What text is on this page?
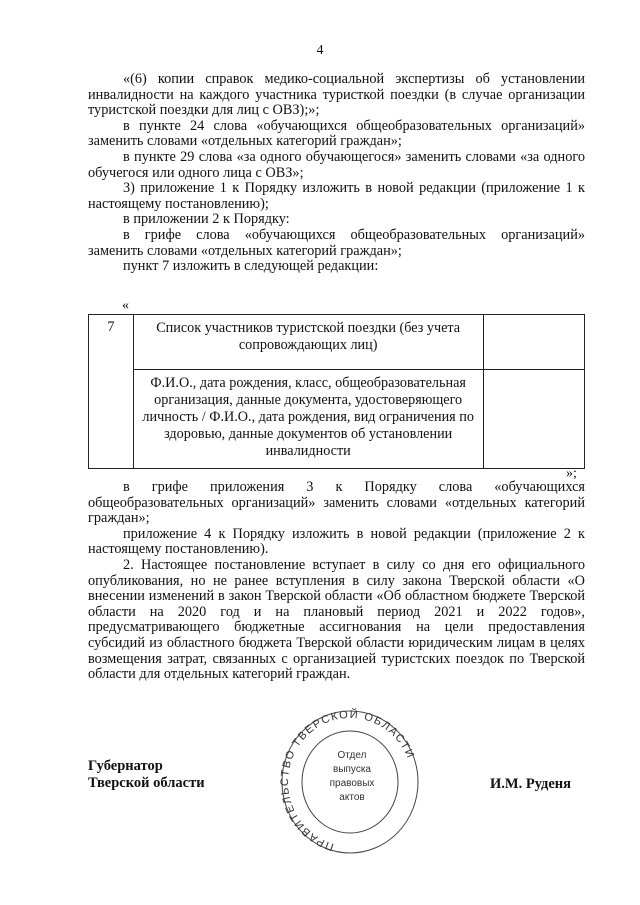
4

«(6) копии справок медико-социальной экспертизы об установлении инвалидности на каждого участника туристкой поездки (в случае организации туристской поездки для лиц с ОВЗ);»;

в пункте 24 слова «обучающихся общеобразовательных организаций» заменить словами «отдельных категорий граждан»;

в пункте 29 слова «за одного обучающегося» заменить словами «за одного обучегося или одного лица с ОВЗ»;

3) приложение 1 к Порядку изложить в новой редакции (приложение 1 к настоящему постановлению);

в приложении 2 к Порядку:

в грифе слова «обучающихся общеобразовательных организаций» заменить словами «отдельных категорий граждан»;

пункт 7 изложить в следующей редакции:

«
7	Список участников туристской поездки (без учета сопровождающих лиц)	
	Ф.И.О., дата рождения, класс, общеобразовательная организация, данные документа, удостоверяющего личность / Ф.И.О., дата рождения, вид ограничения по здоровью, данные документов об установлении инвалидности	
»;

в грифе приложения 3 к Порядку слова «обучающихся общеобразовательных организаций» заменить словами «отдельных категорий граждан»;

приложение 4 к Порядку изложить в новой редакции (приложение 2 к настоящему постановлению).

2. Настоящее постановление вступает в силу со дня его официального опубликования, но не ранее вступления в силу закона Тверской области «О внесении изменений в закон Тверской области «Об областном бюджете Тверской области на 2020 год и на плановый период 2021 и 2022 годов», предусматривающего бюджетные ассигнования на цели предоставления субсидий из областного бюджета Тверской области юридическим лицам в целях возмещения затрат, связанных с организацией туристских поездок по Тверской области для отдельных категорий граждан.

Губернатор
Тверской области
ПРАВИТЕЛЬСТВО ТВЕРСКОЙ ОБЛАСТИ
Отдел
выпуска
правовых
актов
И.М. Руденя
